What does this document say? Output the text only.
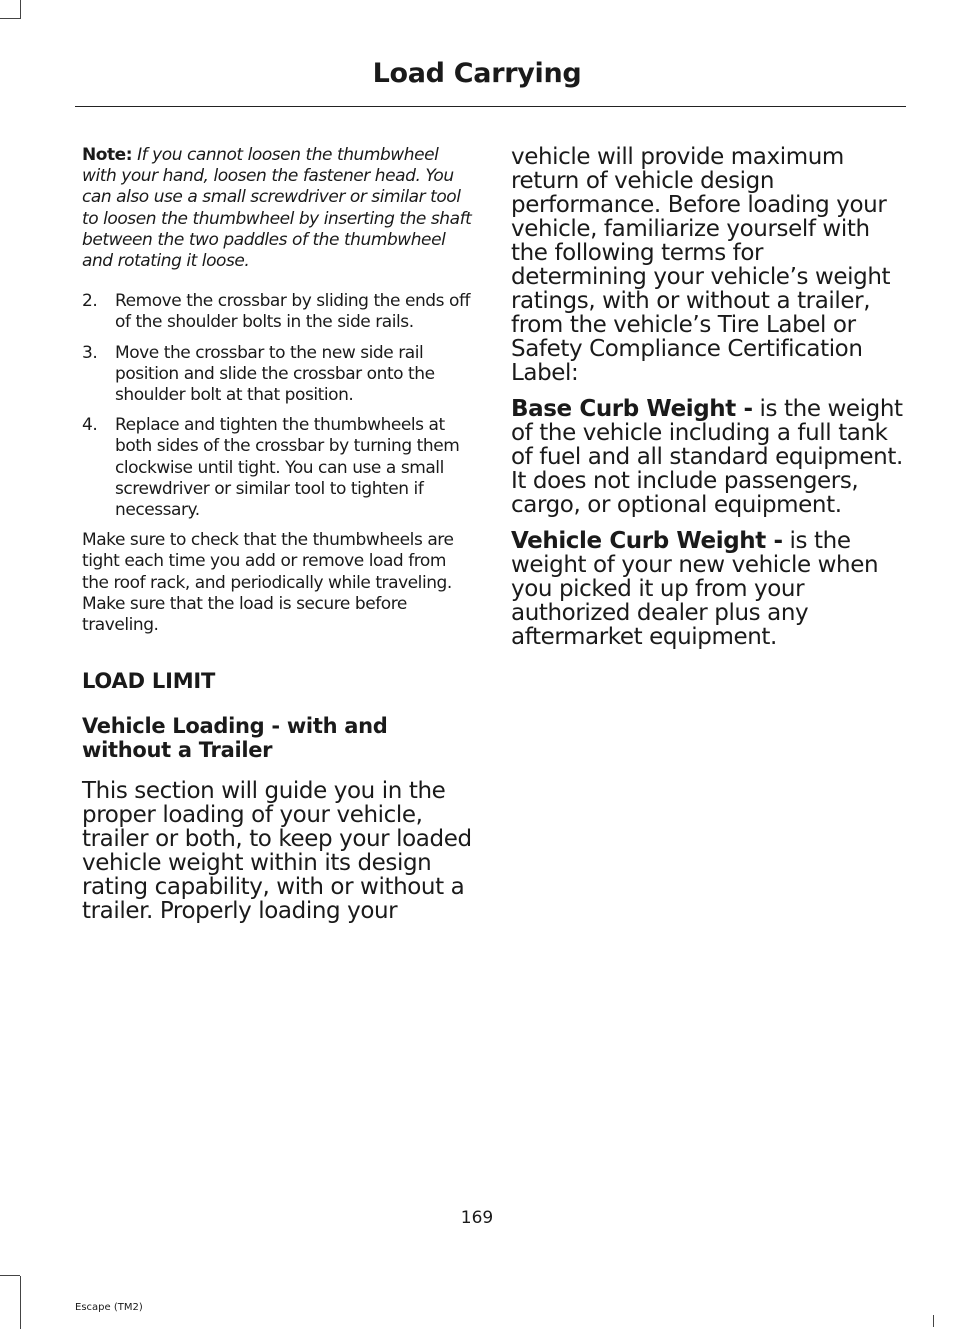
Load Carrying

Note: If you cannot loosen the thumbwheel with your hand, loosen the fastener head. You can also use a small screwdriver or similar tool to loosen the thumbwheel by inserting the shaft between the two paddles of the thumbwheel and rotating it loose.

2. Remove the crossbar by sliding the ends off of the shoulder bolts in the side rails.
3. Move the crossbar to the new side rail position and slide the crossbar onto the shoulder bolt at that position.
4. Replace and tighten the thumbwheels at both sides of the crossbar by turning them clockwise until tight. You can use a small screwdriver or similar tool to tighten if necessary.

Make sure to check that the thumbwheels are tight each time you add or remove load from the roof rack, and periodically while traveling. Make sure that the load is secure before traveling.

LOAD LIMIT
Vehicle Loading - with and without a Trailer

This section will guide you in the proper loading of your vehicle, trailer or both, to keep your loaded vehicle weight within its design rating capability, with or without a trailer. Properly loading your

vehicle will provide maximum return of vehicle design performance. Before loading your vehicle, familiarize yourself with the following terms for determining your vehicle’s weight ratings, with or without a trailer, from the vehicle’s Tire Label or Safety Compliance Certification Label:

Base Curb Weight - is the weight of the vehicle including a full tank of fuel and all standard equipment. It does not include passengers, cargo, or optional equipment.

Vehicle Curb Weight - is the weight of your new vehicle when you picked it up from your authorized dealer plus any aftermarket equipment.

169

Escape (TM2)
